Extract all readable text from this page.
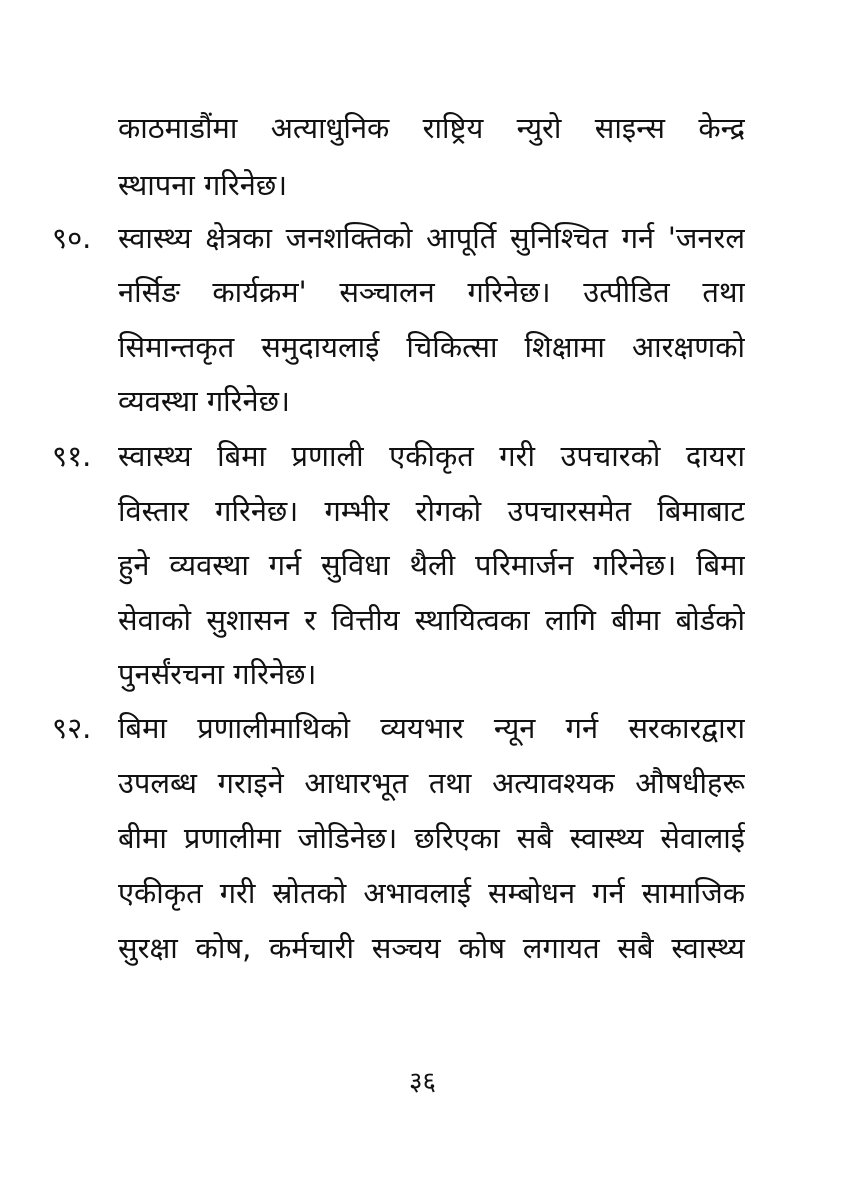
काठमाडौंमा अत्याधुनिक राष्ट्रिय न्युरो साइन्स केन्द्र
स्थापना गरिनेछ।
९०. स्वास्थ्य क्षेत्रका जनशक्तिको आपूर्ति सुनिश्चित गर्न 'जनरल
नर्सिङ कार्यक्रम' सञ्चालन गरिनेछ। उत्पीडित तथा
सिमान्तकृत समुदायलाई चिकित्सा शिक्षामा आरक्षणको
व्यवस्था गरिनेछ।
९१. स्वास्थ्य बिमा प्रणाली एकीकृत गरी उपचारको दायरा
विस्तार गरिनेछ। गम्भीर रोगको उपचारसमेत बिमाबाट
हुने व्यवस्था गर्न सुविधा थैली परिमार्जन गरिनेछ। बिमा
सेवाको सुशासन र वित्तीय स्थायित्वका लागि बीमा बोर्डको
पुनर्संरचना गरिनेछ।
९२. बिमा प्रणालीमाथिको व्ययभार न्यून गर्न सरकारद्वारा
उपलब्ध गराइने आधारभूत तथा अत्यावश्यक औषधीहरू
बीमा प्रणालीमा जोडिनेछ। छरिएका सबै स्वास्थ्य सेवालाई
एकीकृत गरी स्रोतको अभावलाई सम्बोधन गर्न सामाजिक
सुरक्षा कोष, कर्मचारी सञ्चय कोष लगायत सबै स्वास्थ्य
३६
